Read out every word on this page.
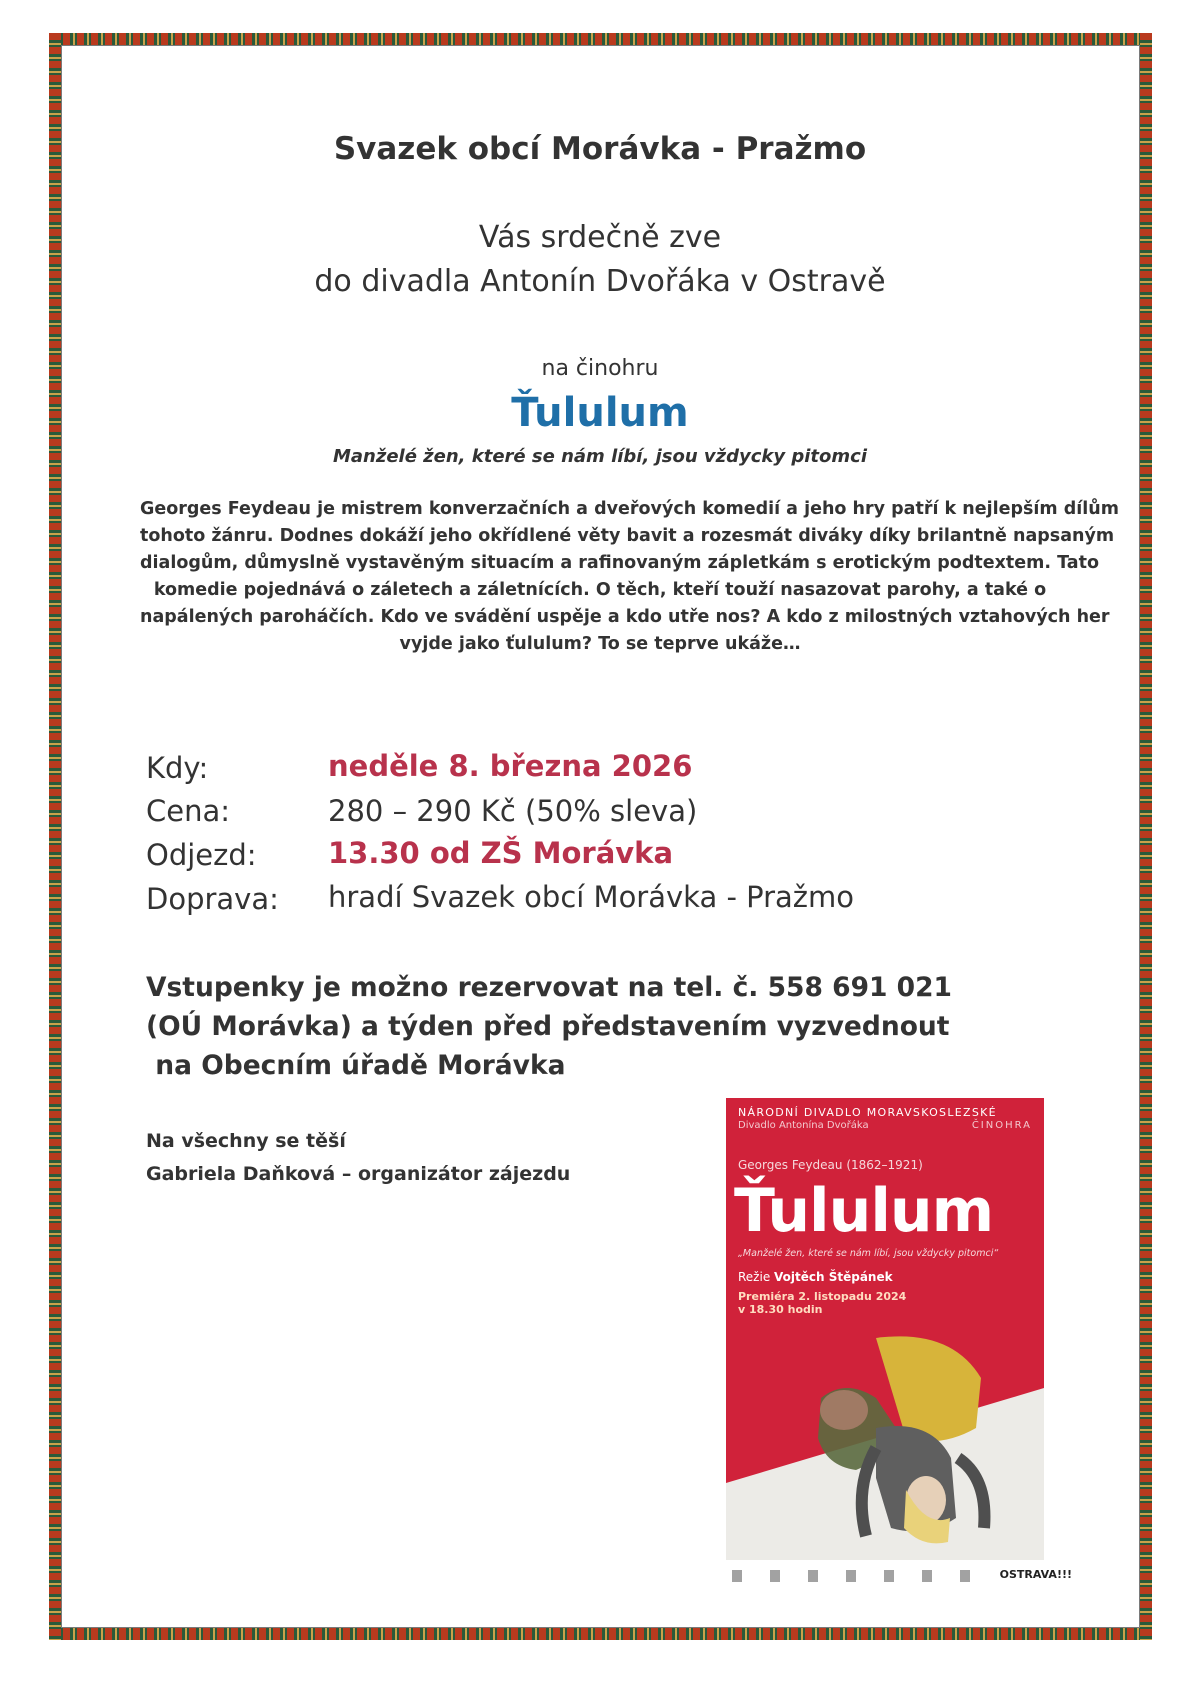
Svazek obcí Morávka - Pražmo

Vás srdečně zve

do divadla Antonín Dvořáka v Ostravě

na činohru

Ťululum

Manželé žen, které se nám líbí, jsou vždycky pitomci

Georges Feydeau je mistrem konverzačních a dveřových komedií a jeho hry patří k nejlepším dílům
tohoto žánru. Dodnes dokáží jeho okřídlené věty bavit a rozesmát diváky díky brilantně napsaným
dialogům, důmyslně vystavěným situacím a rafinovaným zápletkám s erotickým podtextem. Tato
komedie pojednává o záletech a záletnících. O těch, kteří touží nasazovat parohy, a také o
napálených paroháčích. Kdo ve svádění uspěje a kdo utře nos? A kdo z milostných vztahových her
vyjde jako ťululum? To se teprve ukáže…

Kdy:	neděle 8. března 2026

Cena:	280 – 290 Kč (50% sleva)

Odjezd: 13.30 od ZŠ Morávka

Doprava: hradí Svazek obcí Morávka - Pražmo

Vstupenky je možno rezervovat na tel. č. 558 691 021
(OÚ Morávka) a týden před představením vyzvednout
na Obecním úřadě Morávka
Na všechny se těší
Gabriela Daňková – organizátor zájezdu
NÁRODNÍ DIVADLO MORAVSKOSLEZSKÉ
Divadlo Antonína Dvořáka	ČINOHRA
Georges Feydeau (1862–1921)
Ťululum
„Manželé žen, které se nám líbí, jsou vždycky pitomci“
Režie Vojtěch Štěpánek
Premiéra 2. listopadu 2024
v 18.30 hodin
OSTRAVA!!!
